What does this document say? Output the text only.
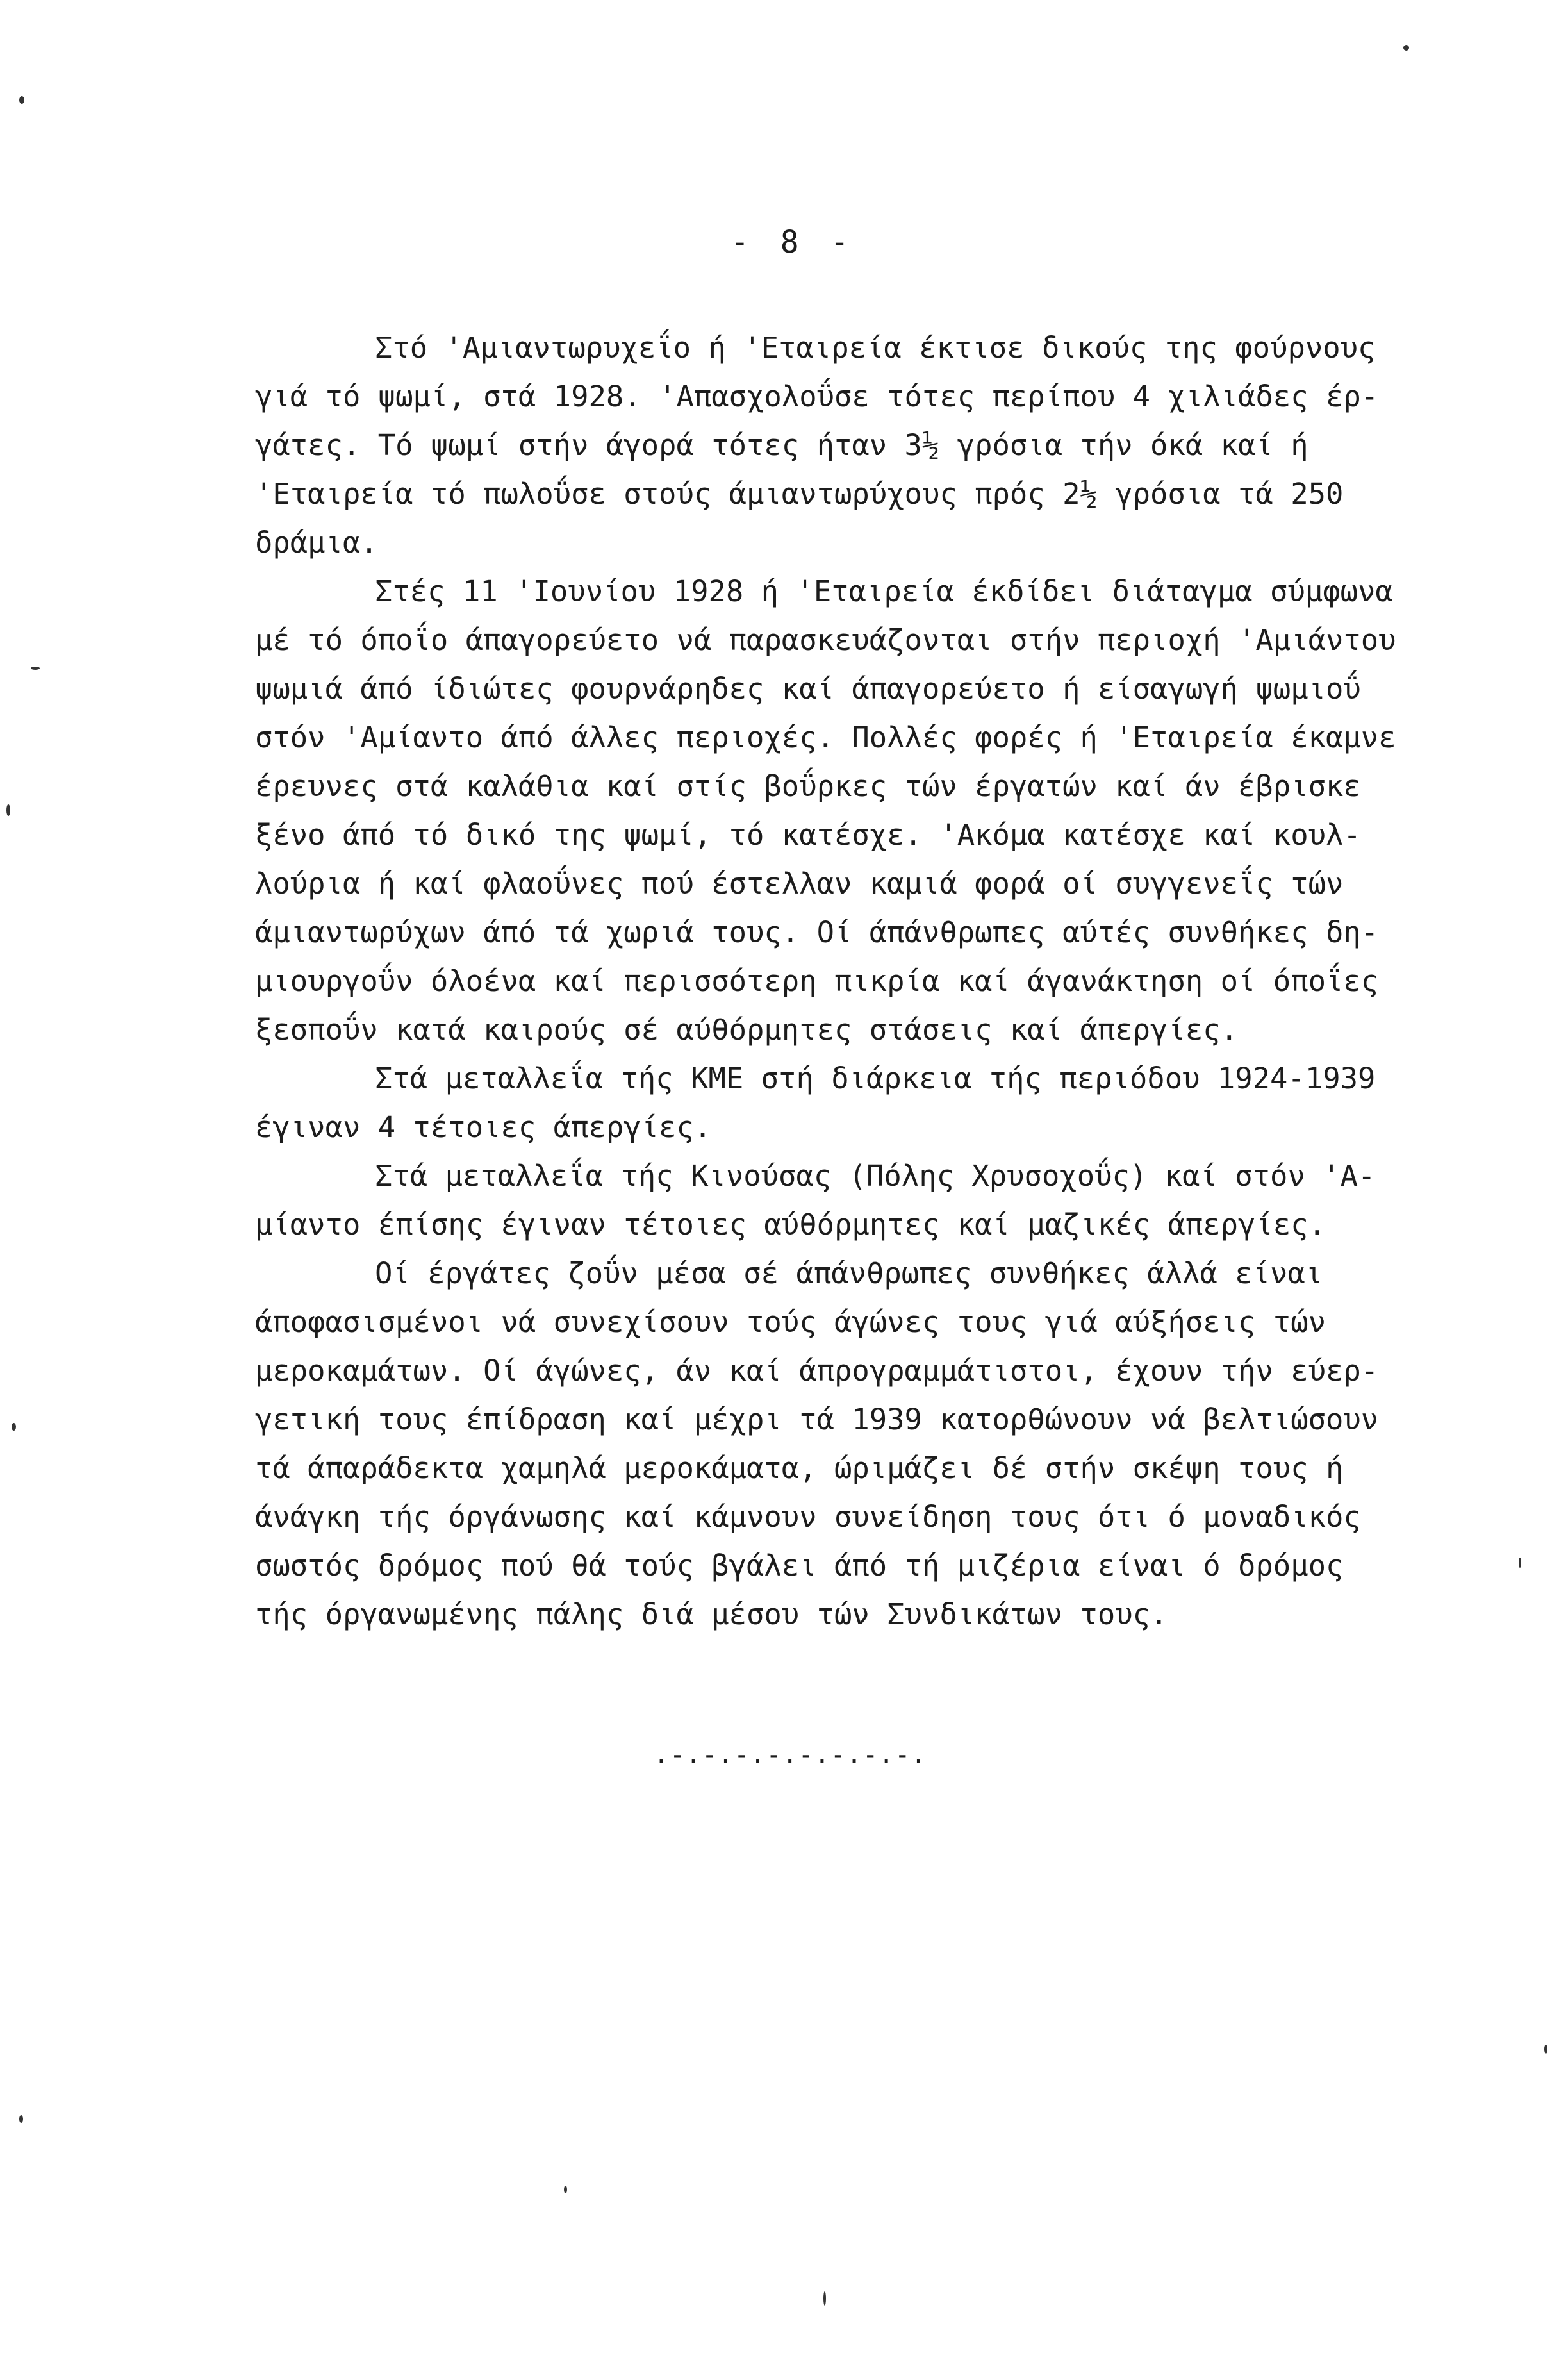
- 8 -
Στό 'Αμιαντωρυχεΐο ή 'Εταιρεία έκτισε δικούς της φούρνους
γιά τό ψωμί, στά 1928. 'Απασχολοΰσε τότες περίπου 4 χιλιάδες έρ-
γάτες. Τό ψωμί στήν άγορά τότες ήταν 3½ γρόσια τήν όκά καί ή
'Εταιρεία τό πωλοΰσε στούς άμιαντωρύχους πρός 2½ γρόσια τά 250
δράμια.
Στές 11 'Ιουνίου 1928 ή 'Εταιρεία έκδίδει διάταγμα σύμφωνα
μέ τό όποΐο άπαγορεύετο νά παρασκευάζονται στήν περιοχή 'Αμιάντου
ψωμιά άπό ίδιώτες φουρνάρηδες καί άπαγορεύετο ή είσαγωγή ψωμιοΰ
στόν 'Αμίαντο άπό άλλες περιοχές. Πολλές φορές ή 'Εταιρεία έκαμνε
έρευνες στά καλάθια καί στίς βοΰρκες τών έργατών καί άν έβρισκε
ξένο άπό τό δικό της ψωμί, τό κατέσχε. 'Ακόμα κατέσχε καί κουλ-
λούρια ή καί φλαοΰνες πού έστελλαν καμιά φορά οί συγγενεΐς τών
άμιαντωρύχων άπό τά χωριά τους. Οί άπάνθρωπες αύτές συνθήκες δη-
μιουργοΰν όλοένα καί περισσότερη πικρία καί άγανάκτηση οί όποΐες
ξεσποΰν κατά καιρούς σέ αύθόρμητες στάσεις καί άπεργίες.
Στά μεταλλεΐα τής ΚΜΕ στή διάρκεια τής περιόδου 1924-1939
έγιναν 4 τέτοιες άπεργίες.
Στά μεταλλεΐα τής Κινούσας (Πόλης Χρυσοχοΰς) καί στόν 'Α-
μίαντο έπίσης έγιναν τέτοιες αύθόρμητες καί μαζικές άπεργίες.
Οί έργάτες ζοΰν μέσα σέ άπάνθρωπες συνθήκες άλλά είναι
άποφασισμένοι νά συνεχίσουν τούς άγώνες τους γιά αύξήσεις τών
μεροκαμάτων. Οί άγώνες, άν καί άπρογραμμάτιστοι, έχουν τήν εύερ-
γετική τους έπίδραση καί μέχρι τά 1939 κατορθώνουν νά βελτιώσουν
τά άπαράδεκτα χαμηλά μεροκάματα, ώριμάζει δέ στήν σκέψη τους ή
άνάγκη τής όργάνωσης καί κάμνουν συνείδηση τους ότι ό μοναδικός
σωστός δρόμος πού θά τούς βγάλει άπό τή μιζέρια είναι ό δρόμος
τής όργανωμένης πάλης διά μέσου τών Συνδικάτων τους.
.-.-.-.-.-.-.-.-.
